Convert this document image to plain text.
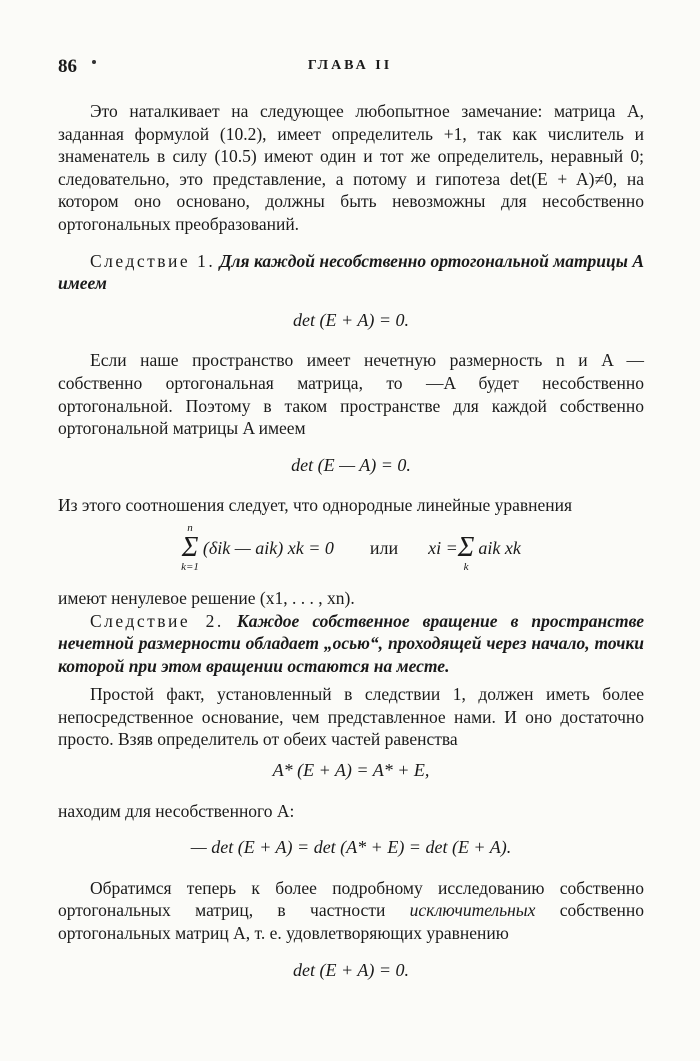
86	ГЛАВА II

Это наталкивает на следующее любопытное замечание: матрица A, заданная формулой (10.2), имеет определитель +1, так как числитель и знаменатель в силу (10.5) имеют один и тот же определитель, неравный 0; следовательно, это представление, а потому и гипотеза det(E + A)≠0, на котором оно основано, должны быть невозможны для несобственно ортогональных преобразований.

Следствие 1. Для каждой несобственно ортогональной матрицы A имеем

det (E + A) = 0.

Если наше пространство имеет нечетную размерность n и A — собственно ортогональная матрица, то —A будет несобственно ортогональной. Поэтому в таком пространстве для каждой собственно ортогональной матрицы A имеем

det (E — A) = 0.

Из этого соотношения следует, что однородные линейные уравнения

n
Σ
k=1
(δik — aik) xk = 0 или xi =
Σ
k
aik xk

имеют ненулевое решение (x1, . . . , xn).

Следствие 2. Каждое собственное вращение в пространстве нечетной размерности обладает „осью“, проходящей через начало, точки которой при этом вращении остаются на месте.

Простой факт, установленный в следствии 1, должен иметь более непосредственное основание, чем представленное нами. И оно достаточно просто. Взяв определитель от обеих частей равенства

A* (E + A) = A* + E,

находим для несобственного A:

— det (E + A) = det (A* + E) = det (E + A).

Обратимся теперь к более подробному исследованию собственно ортогональных матриц, в частности исключительных собственно ортогональных матриц A, т. е. удовлетворяющих уравнению

det (E + A) = 0.
